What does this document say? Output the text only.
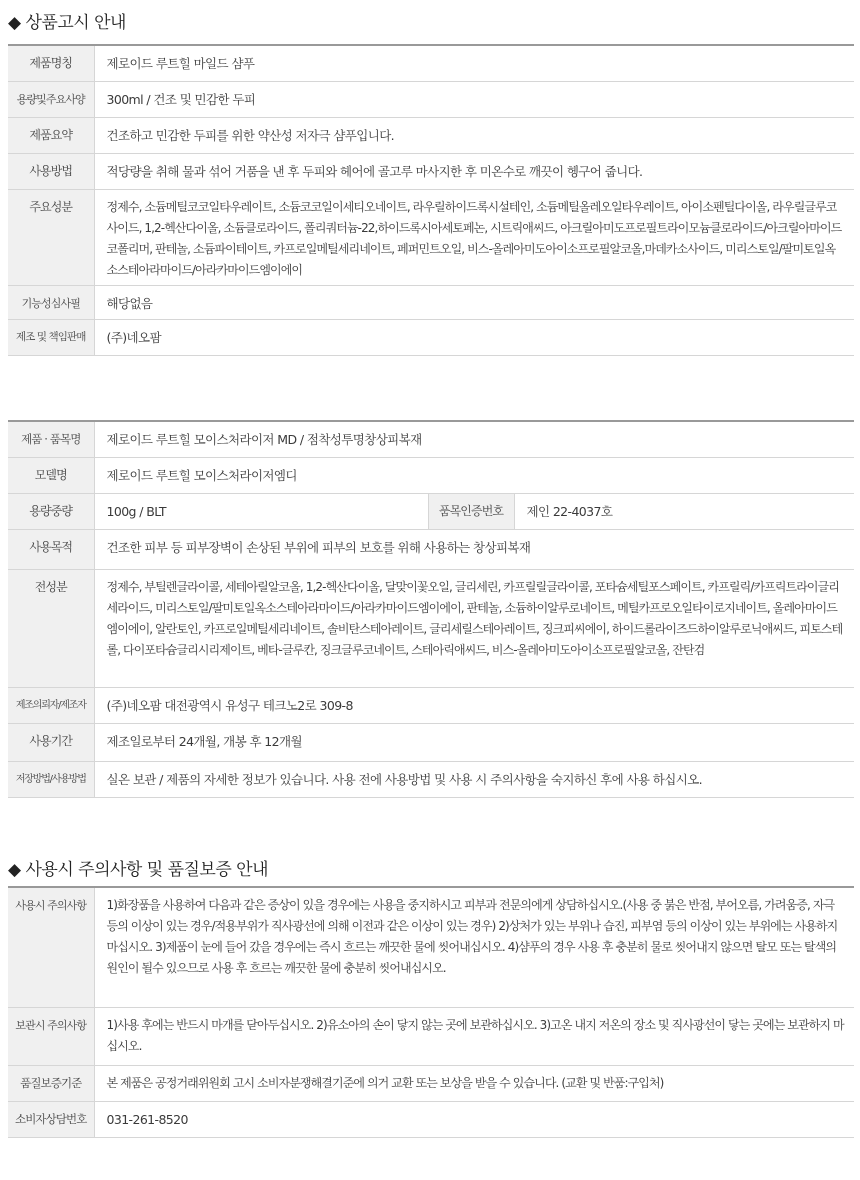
◆ 상품고시 안내
제품명칭	제로이드 루트힐 마일드 샴푸
용량및주요사양	300ml / 건조 및 민감한 두피
제품요약	건조하고 민감한 두피를 위한 약산성 저자극 샴푸입니다.
사용방법	적당량을 취해 물과 섞어 거품을 낸 후 두피와 헤어에 골고루 마사지한 후 미온수로 깨끗이 헹구어 줍니다.
주요성분	정제수, 소듐메틸코코일타우레이트, 소듐코코일이세티오네이트, 라우릴하이드록시설테인, 소듐메틸올레오일타우레이트, 아이소펜틸다이올, 라우릴글루코사이드, 1,2-헥산다이올, 소듐클로라이드, 폴리쿼터늄-22,하이드록시아세토페논, 시트릭애씨드, 아크릴아미도프로필트라이모늄클로라이드/아크릴아마이드코폴리머, 판테놀, 소듐파이테이트, 카프로일메틸세리네이트, 페퍼민트오일, 비스-올레아미도아이소프로필알코올,마데카소사이드, 미리스토일/팔미토일옥소스테아라마이드/아라카마이드엠이에이
기능성심사필	해당없음
제조 및 책임판매	(주)네오팜
제품 · 품목명	제로이드 루트힐 모이스처라이저 MD / 점착성투명창상피복재		
모델명	제로이드 루트힐 모이스처라이저엠디		
용량중량	100g / BLT	품목인증번호	제인 22-4037호
사용목적	건조한 피부 등 피부장벽이 손상된 부위에 피부의 보호를 위해 사용하는 창상피복재		
전성분	정제수, 부틸렌글라이콜, 세테아릴알코올, 1,2-헥산다이올, 달맞이꽃오일, 글리세린, 카프릴릴글라이콜, 포타슘세틸포스페이트, 카프릴릭/카프릭트라이글리세라이드, 미리스토일/팔미토일옥소스테아라마이드/아라카마이드엠이에이, 판테놀, 소듐하이알루로네이트, 메틸카프로오일타이로지네이트, 올레아마이드엠이에이, 알란토인, 카프로일메틸세리네이트, 솔비탄스테아레이트, 글리세릴스테아레이트, 징크피씨에이, 하이드롤라이즈드하이알루로닉애씨드, 피토스테롤, 다이포타슘글리시리제이트, 베타-글루칸, 징크글루코네이트, 스테아릭애씨드, 비스-올레아미도아이소프로필알코올, 잔탄검		
제조의뢰자/제조자	(주)네오팜 대전광역시 유성구 테크노2로 309-8		
사용기간	제조일로부터 24개월, 개봉 후 12개월		
저장방법/사용방법	실온 보관 / 제품의 자세한 정보가 있습니다. 사용 전에 사용방법 및 사용 시 주의사항을 숙지하신 후에 사용 하십시오.		
◆ 사용시 주의사항 및 품질보증 안내
사용시 주의사항	1)화장품을 사용하여 다음과 같은 증상이 있을 경우에는 사용을 중지하시고 피부과 전문의에게 상담하십시오.(사용 중 붉은 반점, 부어오름, 가려움증, 자극 등의 이상이 있는 경우/적용부위가 직사광선에 의해 이전과 같은 이상이 있는 경우) 2)상처가 있는 부위나 습진, 피부염 등의 이상이 있는 부위에는 사용하지 마십시오. 3)제품이 눈에 들어 갔을 경우에는 즉시 흐르는 깨끗한 물에 씻어내십시오. 4)샴푸의 경우 사용 후 충분히 물로 씻어내지 않으면 탈모 또는 탈색의 원인이 될수 있으므로 사용 후 흐르는 깨끗한 물에 충분히 씻어내십시오.
보관시 주의사항	1)사용 후에는 반드시 마개를 닫아두십시오. 2)유소아의 손이 닿지 않는 곳에 보관하십시오. 3)고온 내지 저온의 장소 및 직사광선이 닿는 곳에는 보관하지 마십시오.
품질보증기준	본 제품은 공정거래위원회 고시 소비자분쟁해결기준에 의거 교환 또는 보상을 받을 수 있습니다. (교환 및 반품:구입처)
소비자상담번호	031-261-8520
